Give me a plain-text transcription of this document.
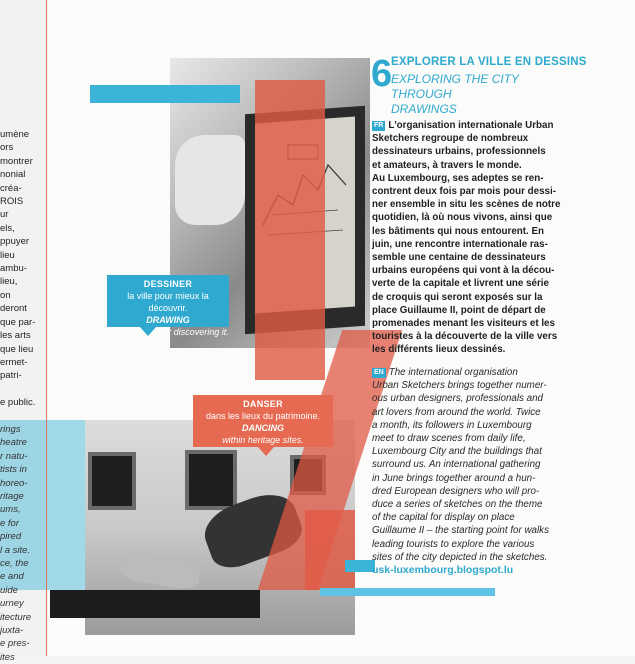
umène
ors
montrer
nonial
créa-
ROIS
ur
els,
ppuyer
lieu
ambu-
lieu,
on
deront
que par-
les arts
que lieu
ermet-
patri-

e public.

rings
heatre
r natu-
tists in
horeo-
ritage
ums,
e for
pired
l a site.
ce, the
e and
uide
urney
itecture
juxta-
e pres-
ites
DESSINER
la ville pour mieux la découvrir.
DRAWING
the city to better discovering it.
DANSER
dans les lieux du patrimoine.
DANCING
within heritage sites.
6
EXPLORER LA VILLE EN DESSINS
EXPLORING THE CITY THROUGH
DRAWINGS
FR L'organisation internationale Urban
Sketchers regroupe de nombreux
dessinateurs urbains, professionnels
et amateurs, à travers le monde.
Au Luxembourg, ses adeptes se ren-
contrent deux fois par mois pour dessi-
ner ensemble in situ les scènes de notre
quotidien, là où nous vivons, ainsi que
les bâtiments qui nous entourent. En
juin, une rencontre internationale ras-
semble une centaine de dessinateurs
urbains européens qui vont à la décou-
verte de la capitale et livrent une série
de croquis qui seront exposés sur la
place Guillaume II, point de départ de
promenades menant les visiteurs et les
touristes à la découverte de la ville vers
les différents lieux dessinés.
EN The international organisation
Urban Sketchers brings together numer-
ous urban designers, professionals and
art lovers from around the world. Twice
a month, its followers in Luxembourg
meet to draw scenes from daily life,
Luxembourg City and the buildings that
surround us. An international gathering
in June brings together around a hun-
dred European designers who will pro-
duce a series of sketches on the theme
of the capital for display on place
Guillaume II – the starting point for walks
leading tourists to explore the various
sites of the city depicted in the sketches.
usk-luxembourg.blogspot.lu
